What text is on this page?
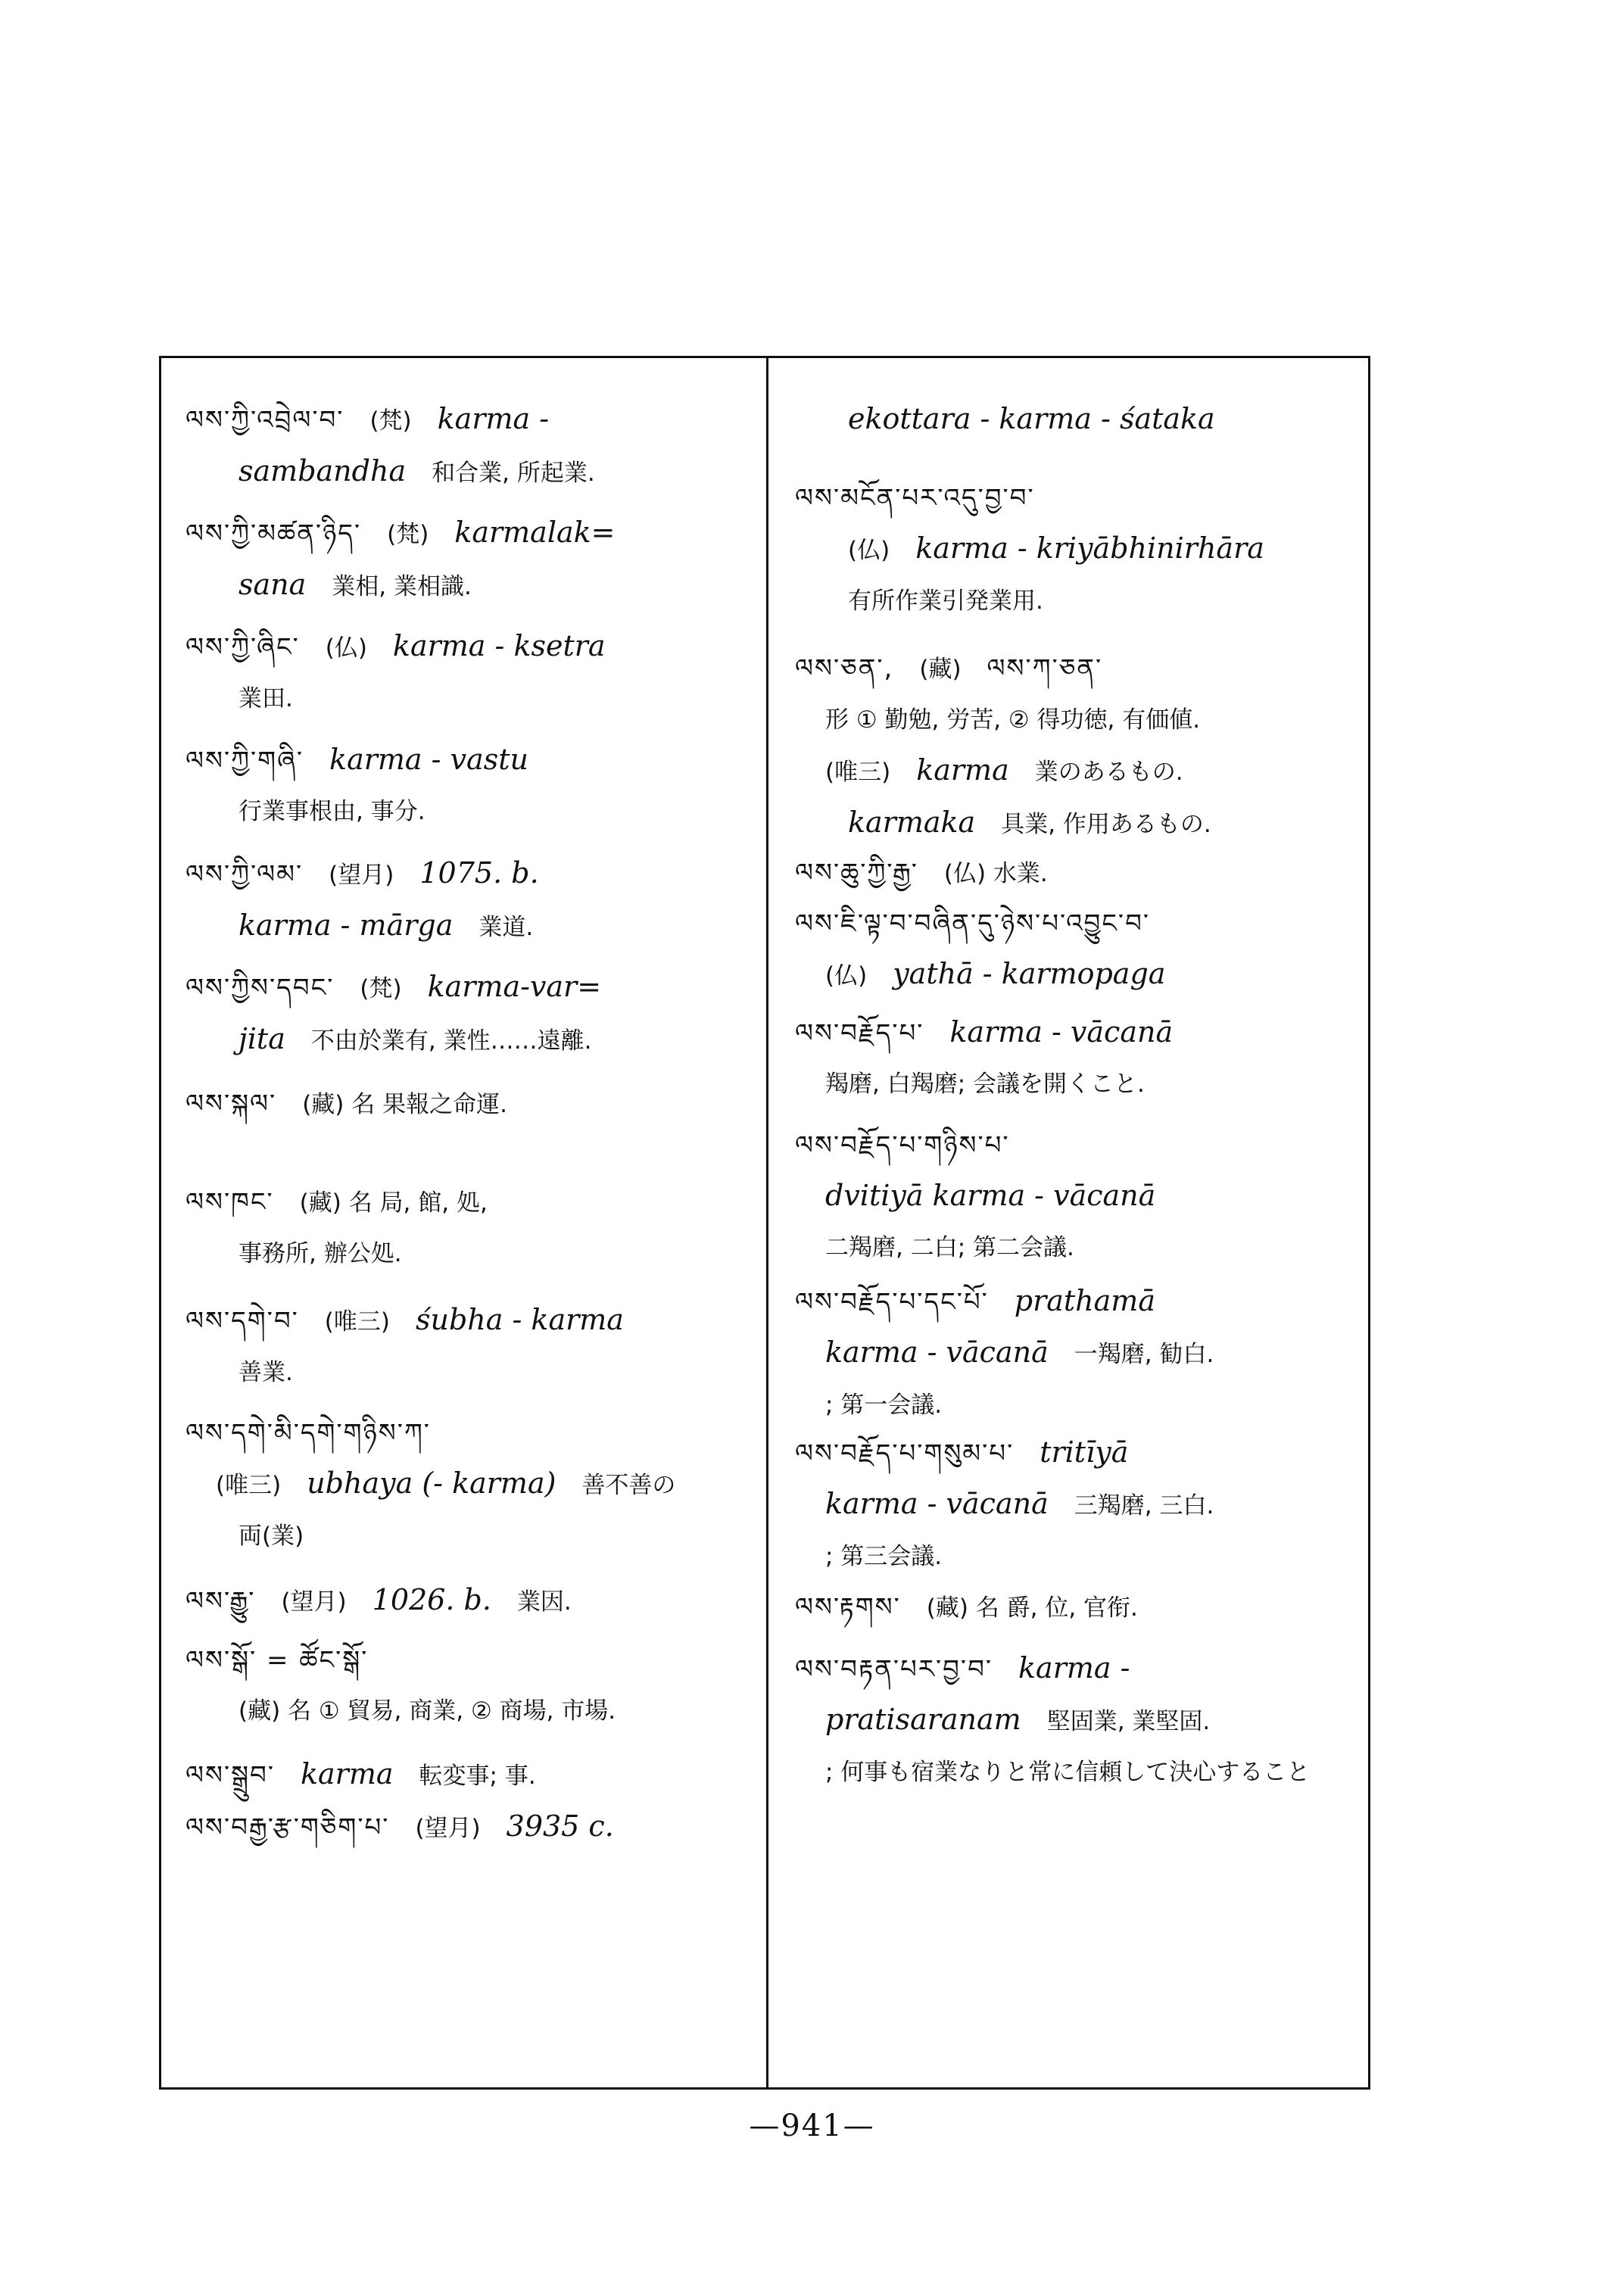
ལས་ཀྱི་འབྲེལ་བ་ (梵) karma -
sambandha 和合業, 所起業.
ལས་ཀྱི་མཚན་ཉིད་ (梵) karmalak=
sana 業相, 業相識.
ལས་ཀྱི་ཞིང་ (仏) karma - ksetra
業田.
ལས་ཀྱི་གཞི་ karma - vastu
行業事根由, 事分.
ལས་ཀྱི་ལམ་ (望月) 1075. b.
karma - mārga 業道.
ལས་ཀྱིས་དབང་ (梵) karma-var=
jita 不由於業有, 業性……遠離.
ལས་སྐལ་ (藏) 名 果報之命運.
ལས་ཁང་ (藏) 名 局, 館, 処,
事務所, 辦公処.
ལས་དགེ་བ་ (唯三) śubha - karma
善業.
ལས་དགེ་མི་དགེ་གཉིས་ཀ་
(唯三) ubhaya (- karma) 善不善の
両(業)
ལས་རྒྱུ་ (望月) 1026. b. 業因.
ལས་སྒོ་ = ཚོང་སྒོ་
(藏) 名 ① 貿易, 商業, ② 商場, 市場.
ལས་སྒྲུབ་ karma 転変事; 事.
ལས་བརྒྱ་རྩ་གཅིག་པ་ (望月) 3935 c.
ekottara - karma - śataka
ལས་མངོན་པར་འདུ་བྱ་བ་
(仏) karma - kriyābhinirhāra
有所作業引発業用.
ལས་ཅན་, (藏) ལས་ཀ་ཅན་
形 ① 勤勉, 労苦, ② 得功徳, 有価値.
(唯三) karma 業のあるもの.
karmaka 具業, 作用あるもの.
ལས་ཆུ་ཀྱི་རྒྱ་ (仏) 水業.
ལས་ཇི་ལྟ་བ་བཞིན་དུ་ཉེས་པ་འབྱུང་བ་
(仏) yathā - karmopaga
ལས་བརྗོད་པ་ karma - vācanā
羯磨, 白羯磨; 会議を開くこと.
ལས་བརྗོད་པ་གཉིས་པ་
dvitiyā karma - vācanā
二羯磨, 二白; 第二会議.
ལས་བརྗོད་པ་དང་པོ་ prathamā
karma - vācanā 一羯磨, 勧白.
; 第一会議.
ལས་བརྗོད་པ་གསུམ་པ་ tritīyā
karma - vācanā 三羯磨, 三白.
; 第三会議.
ལས་རྟགས་ (藏) 名 爵, 位, 官衔.
ལས་བརྟན་པར་བྱ་བ་ karma -
pratisaranam 堅固業, 業堅固.
; 何事も宿業なりと常に信頼して決心すること
—941—
